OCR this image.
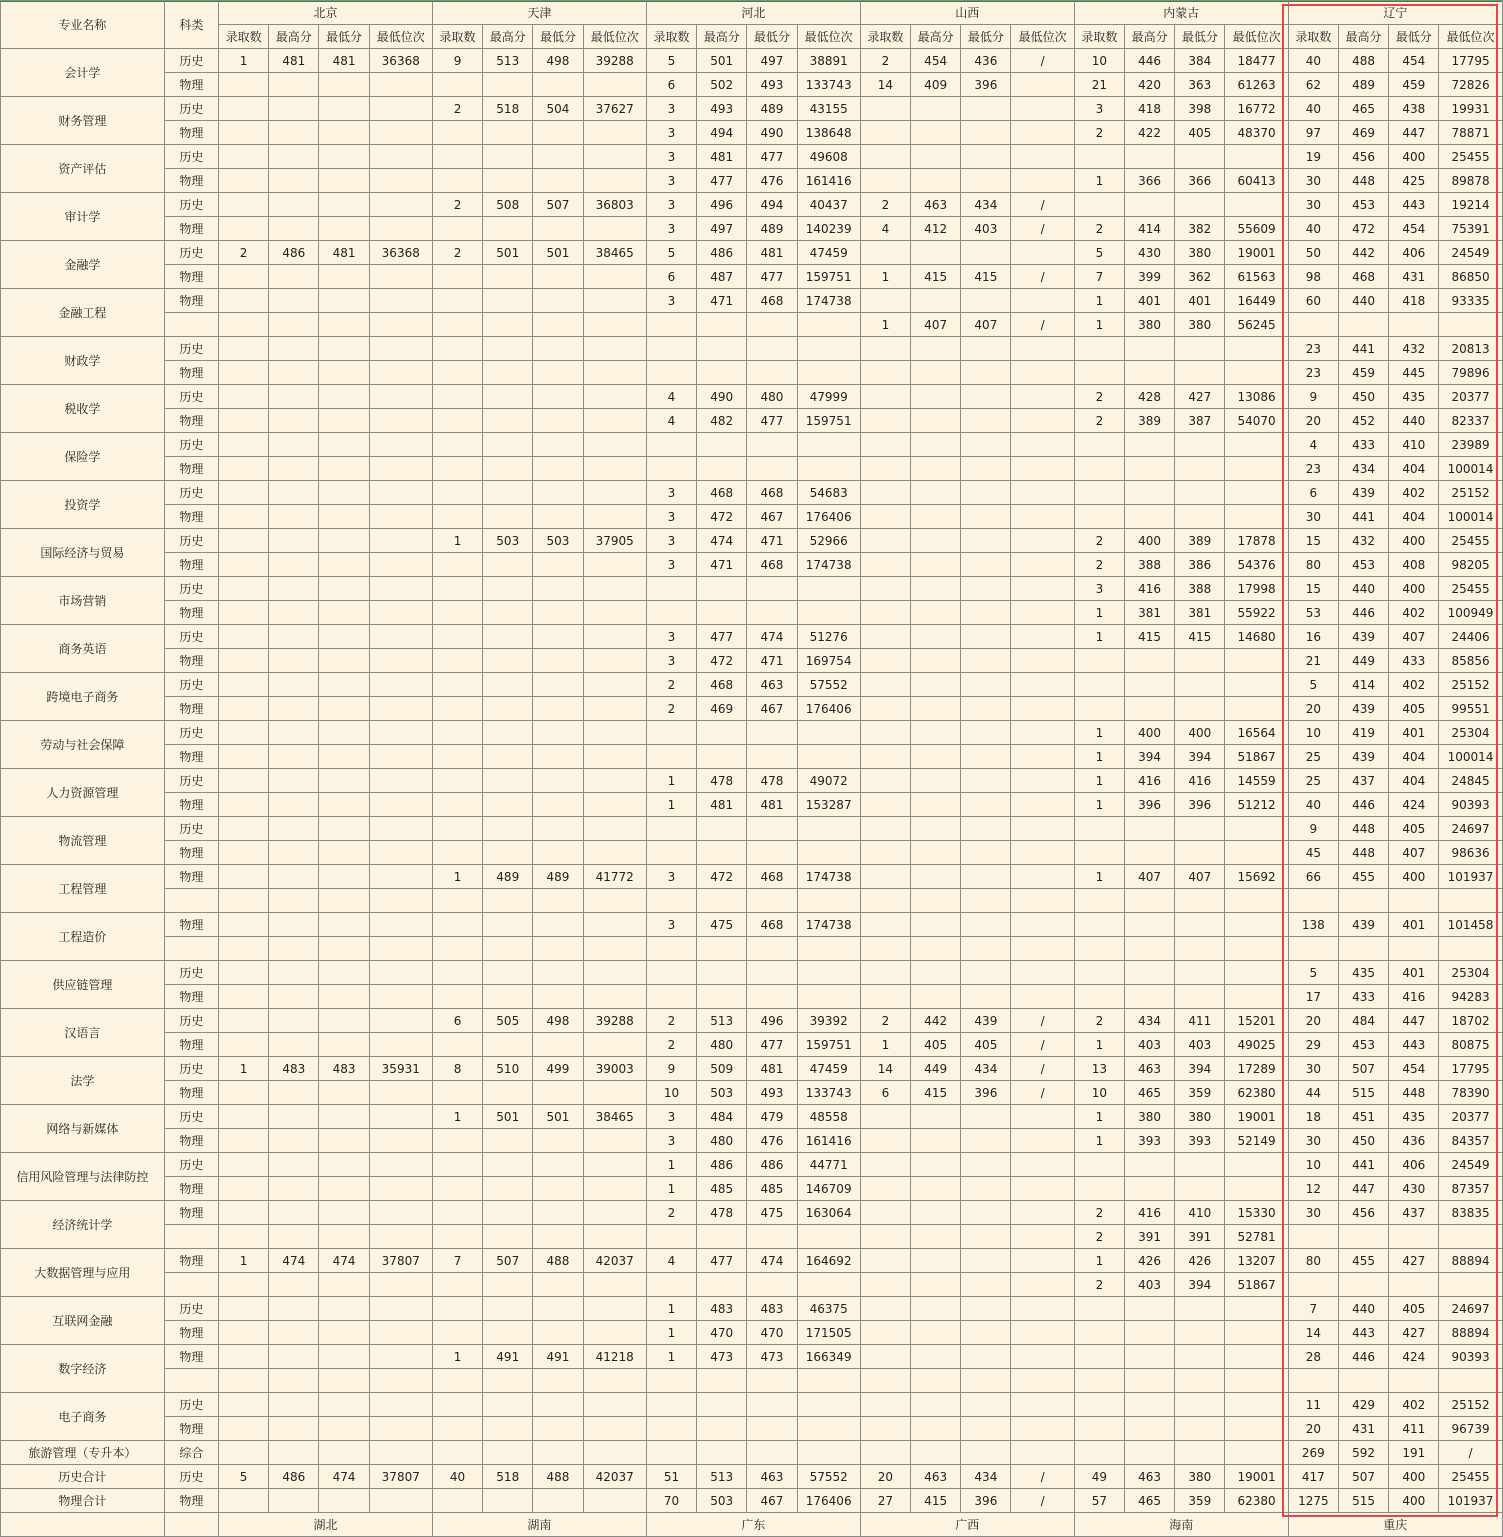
专业名称	科类	北京				天津				河北				山西				内蒙古				辽宁				
		录取数	最高分	最低分	最低位次	录取数	最高分	最低分	最低位次	录取数	最高分	最低分	最低位次	录取数	最高分	最低分	最低位次	录取数	最高分	最低分	最低位次	录取数	最高分	最低分	最低位次	
会计学	历史	1	481	481	36368	9	513	498	39288	5	501	497	38891	2	454	436	/	10	446	384	18477	40	488	454	17795	
	物理									6	502	493	133743	14	409	396		21	420	363	61263	62	489	459	72826	
财务管理	历史					2	518	504	37627	3	493	489	43155					3	418	398	16772	40	465	438	19931	
	物理									3	494	490	138648					2	422	405	48370	97	469	447	78871	
资产评估	历史									3	481	477	49608									19	456	400	25455	
	物理									3	477	476	161416					1	366	366	60413	30	448	425	89878	
审计学	历史					2	508	507	36803	3	496	494	40437	2	463	434	/					30	453	443	19214	
	物理									3	497	489	140239	4	412	403	/	2	414	382	55609	40	472	454	75391	
金融学	历史	2	486	481	36368	2	501	501	38465	5	486	481	47459					5	430	380	19001	50	442	406	24549	
	物理									6	487	477	159751	1	415	415	/	7	399	362	61563	98	468	431	86850	
金融工程	物理									3	471	468	174738					1	401	401	16449	60	440	418	93335	
														1	407	407	/	1	380	380	56245					
财政学	历史																					23	441	432	20813	
	物理																					23	459	445	79896	
税收学	历史									4	490	480	47999					2	428	427	13086	9	450	435	20377	
	物理									4	482	477	159751					2	389	387	54070	20	452	440	82337	
保险学	历史																					4	433	410	23989	
	物理																					23	434	404	100014	
投资学	历史									3	468	468	54683									6	439	402	25152	
	物理									3	472	467	176406									30	441	404	100014	
国际经济与贸易	历史					1	503	503	37905	3	474	471	52966					2	400	389	17878	15	432	400	25455	
	物理									3	471	468	174738					2	388	386	54376	80	453	408	98205	
市场营销	历史																	3	416	388	17998	15	440	400	25455	
	物理																	1	381	381	55922	53	446	402	100949	
商务英语	历史									3	477	474	51276					1	415	415	14680	16	439	407	24406	
	物理									3	472	471	169754									21	449	433	85856	
跨境电子商务	历史									2	468	463	57552									5	414	402	25152	
	物理									2	469	467	176406									20	439	405	99551	
劳动与社会保障	历史																	1	400	400	16564	10	419	401	25304	
	物理																	1	394	394	51867	25	439	404	100014	
人力资源管理	历史									1	478	478	49072					1	416	416	14559	25	437	404	24845	
	物理									1	481	481	153287					1	396	396	51212	40	446	424	90393	
物流管理	历史																					9	448	405	24697	
	物理																					45	448	407	98636	
工程管理	物理					1	489	489	41772	3	472	468	174738					1	407	407	15692	66	455	400	101937	

工程造价	物理									3	475	468	174738									138	439	401	101458	

供应链管理	历史																					5	435	401	25304	
	物理																					17	433	416	94283	
汉语言	历史					6	505	498	39288	2	513	496	39392	2	442	439	/	2	434	411	15201	20	484	447	18702	
	物理									2	480	477	159751	1	405	405	/	1	403	403	49025	29	453	443	80875	
法学	历史	1	483	483	35931	8	510	499	39003	9	509	481	47459	14	449	434	/	13	463	394	17289	30	507	454	17795	
	物理									10	503	493	133743	6	415	396	/	10	465	359	62380	44	515	448	78390	
网络与新媒体	历史					1	501	501	38465	3	484	479	48558					1	380	380	19001	18	451	435	20377	
	物理									3	480	476	161416					1	393	393	52149	30	450	436	84357	
信用风险管理与法律防控	历史									1	486	486	44771									10	441	406	24549	
	物理									1	485	485	146709									12	447	430	87357	
经济统计学	物理									2	478	475	163064					2	416	410	15330	30	456	437	83835	
																		2	391	391	52781					
大数据管理与应用	物理	1	474	474	37807	7	507	488	42037	4	477	474	164692					1	426	426	13207	80	455	427	88894	
																		2	403	394	51867					
互联网金融	历史									1	483	483	46375									7	440	405	24697	
	物理									1	470	470	171505									14	443	427	88894	
数字经济	物理					1	491	491	41218	1	473	473	166349									28	446	424	90393	

电子商务	历史																					11	429	402	25152	
	物理																					20	431	411	96739	
旅游管理（专升本）	综合																					269	592	191	/	
历史合计	历史	5	486	474	37807	40	518	488	42037	51	513	463	57552	20	463	434	/	49	463	380	19001	417	507	400	25455	
物理合计	物理									70	503	467	176406	27	415	396	/	57	465	359	62380	1275	515	400	101937	
		湖北				湖南				广东				广西				海南				重庆				
